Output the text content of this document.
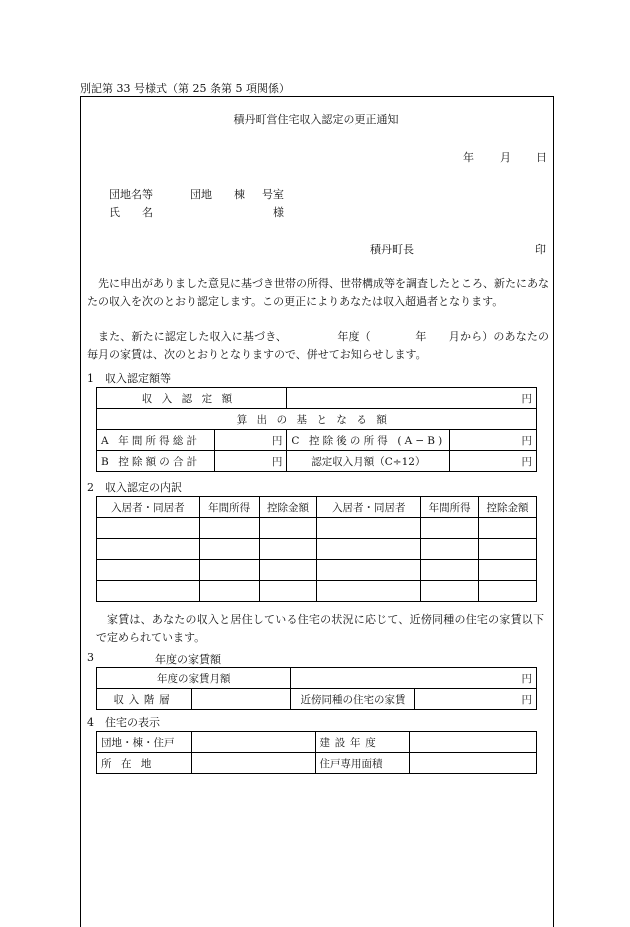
別記第 33 号様式（第 25 条第 5 項関係）
積丹町営住宅収入認定の更正通知
年 月 日
団地名等	団地 棟 号室
氏　　名	様
積丹町長	印
先に申出がありました意見に基づき世帯の所得、世帯構成等を調査したところ、新たにあなたの収入を次のとおり認定します。この更正によりあなたは収入超過者となります。
また、新たに認定した収入に基づき、　　　　　年度（　　　　年　　月から）のあなたの毎月の家賃は、次のとおりとなりますので、併せてお知らせします。
1　収入認定額等
収入認定額		円	
算出の基となる額			
A 年間所得総計	円	C 控除後の所得 (A−B)	円
B 控除額の合計	円	認定収入月額（C÷12）	円
2　収入認定の内訳
入居者・同居者	年間所得	控除金額	入居者・同居者	年間所得	控除金額

家賃は、あなたの収入と居住している住宅の状況に応じて、近傍同種の住宅の家賃以下で定められています。
3	年度の家賃額
年度の家賃月額		円	
収入階層		近傍同種の住宅の家賃	円
4　住宅の表示
団地・棟・住戸		建設年度	
所在地		住戸専用面積	
